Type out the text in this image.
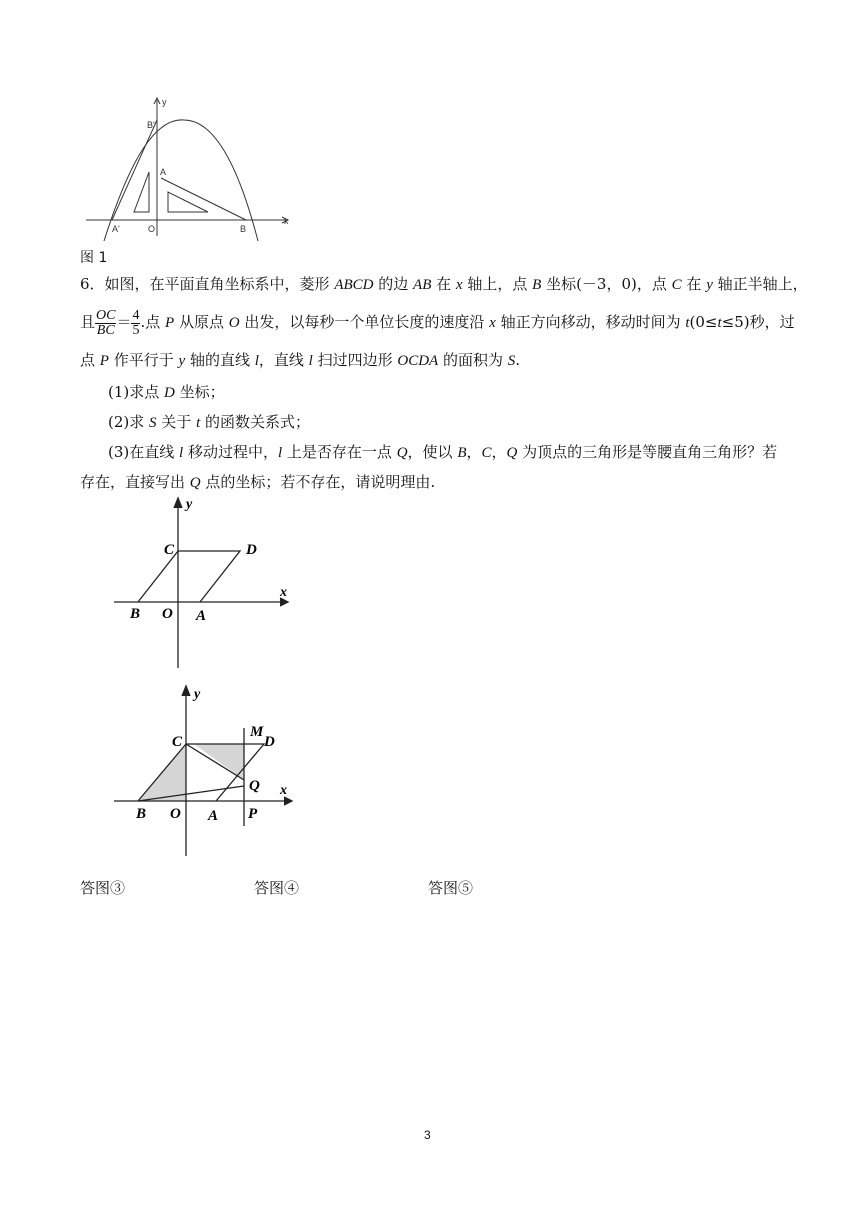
y
x
B'
A
A'	O	B
图 1
6．如图，在平面直角坐标系中，菱形 ABCD 的边 AB 在 x 轴上，点 B 坐标(－3，0)，点 C 在 y 轴正半轴上，
且 $\frac{OC}{BC} = \frac{4}{5}$ .点 P 从原点 O 出发，以每秒一个单位长度的速度沿 x 轴正方向移动，移动时间为 t(0≤t≤5)秒，过
点 P 作平行于 y 轴的直线 l，直线 l 扫过四边形 OCDA 的面积为 S.
(1)求点 D 坐标；
(2)求 S 关于 t 的函数关系式；
(3)在直线 l 移动过程中，l 上是否存在一点 Q，使以 B，C，Q 为顶点的三角形是等腰直角三角形？若
存在，直接写出 Q 点的坐标；若不存在，请说明理由.
y
x
C	D
B O A
y
x
C
M
D
Q
B O A P
答图③	答图④	答图⑤
3
